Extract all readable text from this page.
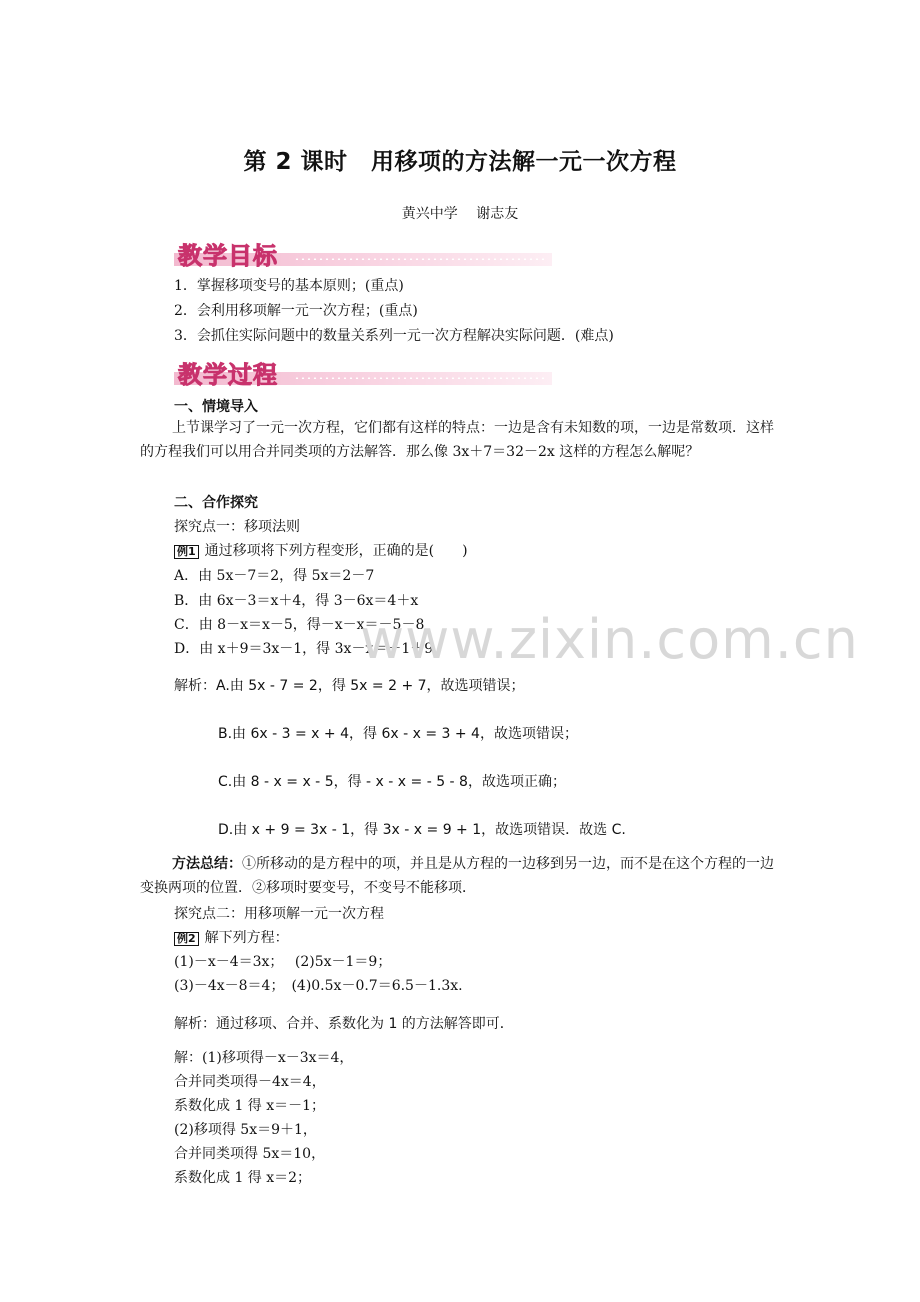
第 2 课时　用移项的方法解一元一次方程
黄兴中学　 谢志友
教学目标
1．掌握移项变号的基本原则；(重点)
2．会利用移项解一元一次方程；(重点)
3．会抓住实际问题中的数量关系列一元一次方程解决实际问题．(难点)
教学过程
一、情境导入
上节课学习了一元一次方程，它们都有这样的特点：一边是含有未知数的项，一边是常数项．这样的方程我们可以用合并同类项的方法解答．那么像 3x＋7＝32－2x 这样的方程怎么解呢？
二、合作探究
探究点一：移项法则
例1 通过移项将下列方程变形，正确的是(　　)
A．由 5x－7＝2，得 5x＝2－7
B．由 6x－3＝x＋4，得 3－6x＝4＋x
C．由 8－x＝x－5，得－x－x＝－5－8
D．由 x＋9＝3x－1，得 3x－x＝－1＋9
www.zixin.com.cn
解析：A.由 5x - 7 = 2，得 5x = 2 + 7，故选项错误；
B.由 6x - 3 = x + 4，得 6x - x = 3 + 4，故选项错误；
C.由 8 - x = x - 5，得 - x - x = - 5 - 8，故选项正确；
D.由 x + 9 = 3x - 1，得 3x - x = 9 + 1，故选项错误．故选 C.
方法总结：①所移动的是方程中的项，并且是从方程的一边移到另一边，而不是在这个方程的一边变换两项的位置．②移项时要变号，不变号不能移项．
探究点二：用移项解一元一次方程
例2 解下列方程：
(1)－x－4＝3x；　 (2)5x－1＝9；
(3)－4x－8＝4；　(4)0.5x－0.7＝6.5－1.3x.
解析：通过移项、合并、系数化为 1 的方法解答即可．
解：(1)移项得－x－3x＝4，
合并同类项得－4x＝4，
系数化成 1 得 x＝－1；
(2)移项得 5x＝9＋1，
合并同类项得 5x＝10，
系数化成 1 得 x＝2；
